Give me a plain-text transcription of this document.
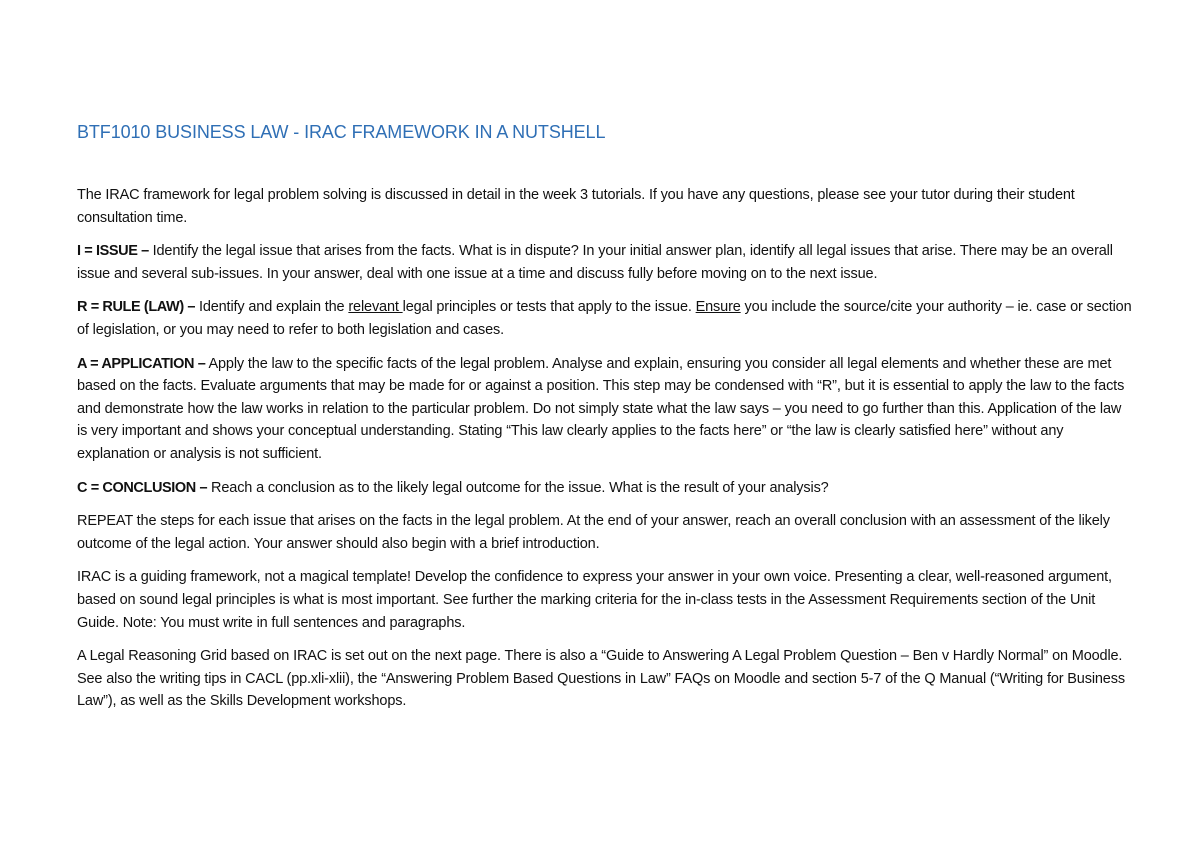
BTF1010 BUSINESS LAW - IRAC FRAMEWORK IN A NUTSHELL

The IRAC framework for legal problem solving is discussed in detail in the week 3 tutorials. If you have any questions, please see your tutor during their student consultation time.

I = ISSUE – Identify the legal issue that arises from the facts. What is in dispute? In your initial answer plan, identify all legal issues that arise. There may be an overall issue and several sub-issues. In your answer, deal with one issue at a time and discuss fully before moving on to the next issue.

R = RULE (LAW) – Identify and explain the relevant legal principles or tests that apply to the issue. Ensure you include the source/cite your authority – ie. case or section of legislation, or you may need to refer to both legislation and cases.

A = APPLICATION – Apply the law to the specific facts of the legal problem. Analyse and explain, ensuring you consider all legal elements and whether these are met based on the facts. Evaluate arguments that may be made for or against a position. This step may be condensed with “R”, but it is essential to apply the law to the facts and demonstrate how the law works in relation to the particular problem. Do not simply state what the law says – you need to go further than this. Application of the law is very important and shows your conceptual understanding. Stating “This law clearly applies to the facts here” or “the law is clearly satisfied here” without any explanation or analysis is not sufficient.

C = CONCLUSION – Reach a conclusion as to the likely legal outcome for the issue. What is the result of your analysis?

REPEAT the steps for each issue that arises on the facts in the legal problem. At the end of your answer, reach an overall conclusion with an assessment of the likely outcome of the legal action. Your answer should also begin with a brief introduction.

IRAC is a guiding framework, not a magical template! Develop the confidence to express your answer in your own voice. Presenting a clear, well-reasoned argument, based on sound legal principles is what is most important. See further the marking criteria for the in-class tests in the Assessment Requirements section of the Unit Guide. Note: You must write in full sentences and paragraphs.

A Legal Reasoning Grid based on IRAC is set out on the next page. There is also a “Guide to Answering A Legal Problem Question – Ben v Hardly Normal” on Moodle. See also the writing tips in CACL (pp.xli-xlii), the “Answering Problem Based Questions in Law” FAQs on Moodle and section 5-7 of the Q Manual (“Writing for Business Law”), as well as the Skills Development workshops.
